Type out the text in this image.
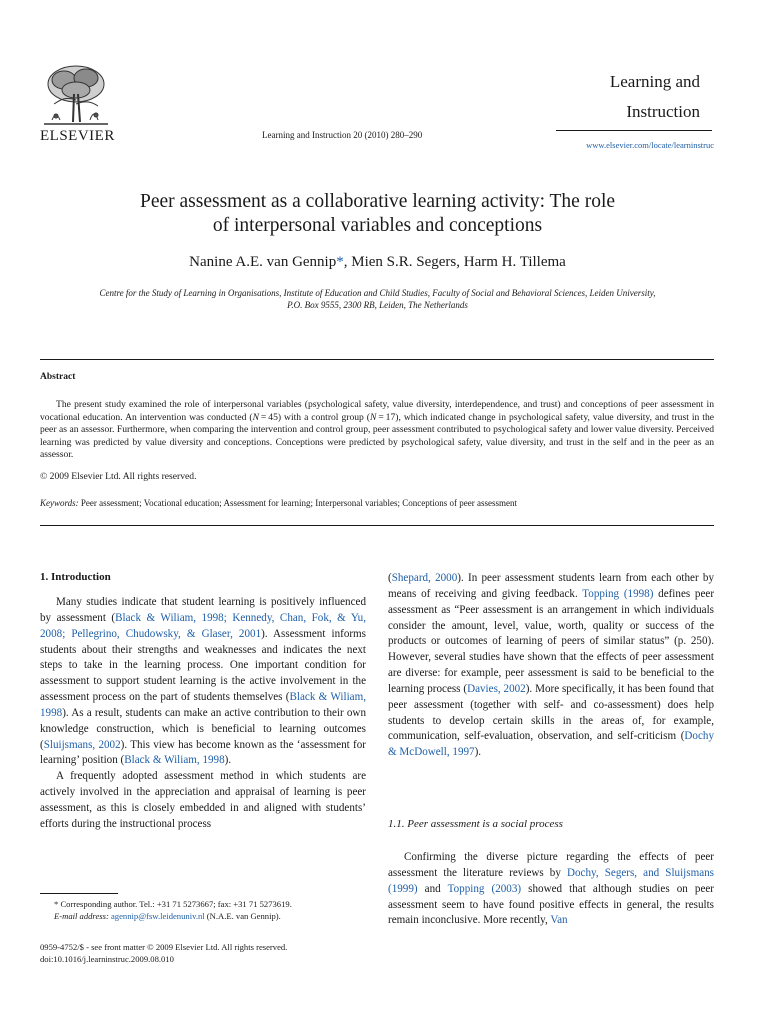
ELSEVIER	Learning and Instruction 20 (2010) 280–290
Learning and
Instruction
www.elsevier.com/locate/learninstruc
Peer assessment as a collaborative learning activity: The role
of interpersonal variables and conceptions
Nanine A.E. van Gennip*, Mien S.R. Segers, Harm H. Tillema
Centre for the Study of Learning in Organisations, Institute of Education and Child Studies, Faculty of Social and Behavioral Sciences, Leiden University,
P.O. Box 9555, 2300 RB, Leiden, The Netherlands
Abstract
The present study examined the role of interpersonal variables (psychological safety, value diversity, interdependence, and trust) and conceptions of peer assessment in vocational education. An intervention was conducted (N = 45) with a control group (N = 17), which indicated change in psychological safety, value diversity, and trust in the peer as an assessor. Furthermore, when comparing the intervention and control group, peer assessment contributed to psychological safety and lower value diversity. Perceived learning was predicted by value diversity and conceptions. Conceptions were predicted by psychological safety, value diversity, and trust in the self and in the peer as an assessor.
© 2009 Elsevier Ltd. All rights reserved.
Keywords: Peer assessment; Vocational education; Assessment for learning; Interpersonal variables; Conceptions of peer assessment
1. Introduction

Many studies indicate that student learning is positively influenced by assessment (Black & Wiliam, 1998; Kennedy, Chan, Fok, & Yu, 2008; Pellegrino, Chudowsky, & Glaser, 2001). Assessment informs students about their strengths and weaknesses and indicates the next steps to take in the learning process. One important condition for assessment to support student learning is the active involvement in the assessment process on the part of students themselves (Black & Wiliam, 1998). As a result, students can make an active contribution to their own knowledge construction, which is beneficial to learning outcomes (Sluijsmans, 2002). This view has become known as the ‘assessment for learning’ position (Black & Wiliam, 1998).

A frequently adopted assessment method in which students are actively involved in the appreciation and appraisal of learning is peer assessment, as this is closely embedded in and aligned with students’ efforts during the instructional process

(Shepard, 2000). In peer assessment students learn from each other by means of receiving and giving feedback. Topping (1998) defines peer assessment as “Peer assessment is an arrangement in which individuals consider the amount, level, value, worth, quality or success of the products or outcomes of learning of peers of similar status” (p. 250). However, several studies have shown that the effects of peer assessment are diverse: for example, peer assessment is said to be beneficial to the learning process (Davies, 2002). More specifically, it has been found that peer assessment (together with self- and co-assessment) does help students to develop certain skills in the areas of, for example, communication, self-evaluation, observation, and self-criticism (Dochy & McDowell, 1997).

1.1. Peer assessment is a social process

Confirming the diverse picture regarding the effects of peer assessment the literature reviews by Dochy, Segers, and Sluijsmans (1999) and Topping (2003) showed that although studies on peer assessment seem to have found positive effects in general, the results remain inconclusive. More recently, Van

* Corresponding author. Tel.: +31 71 5273667; fax: +31 71 5273619.
E-mail address: agennip@fsw.leidenuniv.nl (N.A.E. van Gennip).
0959-4752/$ - see front matter © 2009 Elsevier Ltd. All rights reserved.
doi:10.1016/j.learninstruc.2009.08.010
